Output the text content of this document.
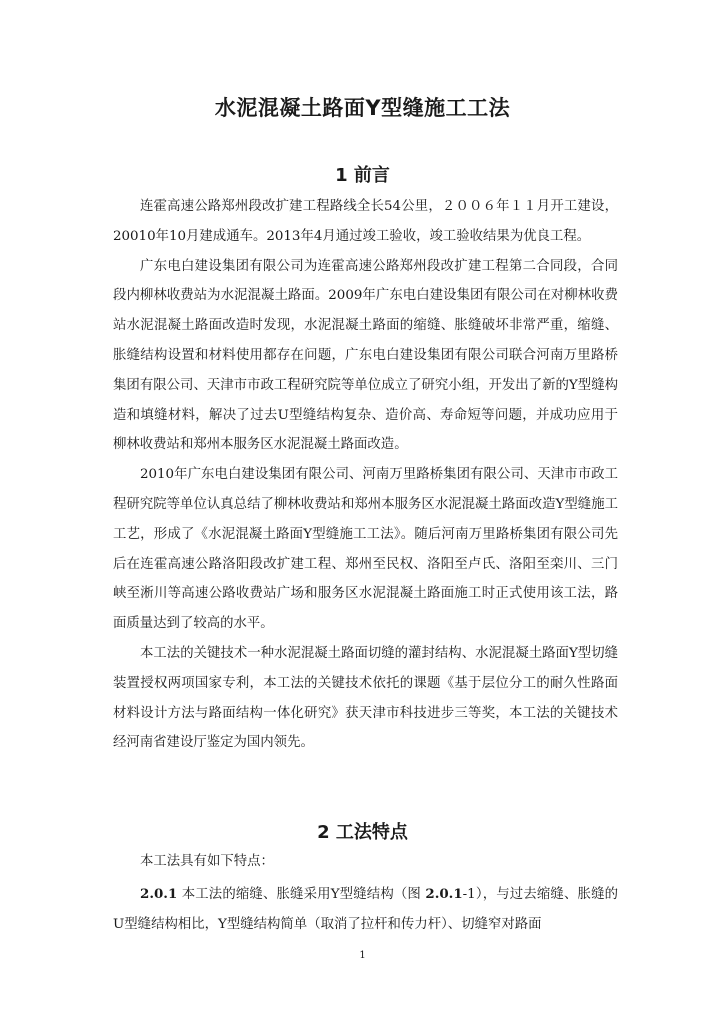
水泥混凝土路面Y型缝施工工法
1 前言

连霍高速公路郑州段改扩建工程路线全长54公里，２００６年１１月开工建设，20010年10月建成通车。2013年4月通过竣工验收，竣工验收结果为优良工程。

广东电白建设集团有限公司为连霍高速公路郑州段改扩建工程第二合同段，合同段内柳林收费站为水泥混凝土路面。2009年广东电白建设集团有限公司在对柳林收费站水泥混凝土路面改造时发现，水泥混凝土路面的缩缝、胀缝破坏非常严重，缩缝、胀缝结构设置和材料使用都存在问题，广东电白建设集团有限公司联合河南万里路桥集团有限公司、天津市市政工程研究院等单位成立了研究小组，开发出了新的Y型缝构造和填缝材料，解决了过去U型缝结构复杂、造价高、寿命短等问题，并成功应用于柳林收费站和郑州本服务区水泥混凝土路面改造。

2010年广东电白建设集团有限公司、河南万里路桥集团有限公司、天津市市政工程研究院等单位认真总结了柳林收费站和郑州本服务区水泥混凝土路面改造Y型缝施工工艺，形成了《水泥混凝土路面Y型缝施工工法》。随后河南万里路桥集团有限公司先后在连霍高速公路洛阳段改扩建工程、郑州至民权、洛阳至卢氏、洛阳至栾川、三门峡至淅川等高速公路收费站广场和服务区水泥混凝土路面施工时正式使用该工法，路面质量达到了较高的水平。

本工法的关键技术一种水泥混凝土路面切缝的灌封结构、水泥混凝土路面Y型切缝装置授权两项国家专利，本工法的关键技术依托的课题《基于层位分工的耐久性路面材料设计方法与路面结构一体化研究》获天津市科技进步三等奖，本工法的关键技术经河南省建设厅鉴定为国内领先。

2 工法特点
本工法具有如下特点：

2.0.1 本工法的缩缝、胀缝采用Y型缝结构（图 2.0.1-1），与过去缩缝、胀缝的U型缝结构相比，Y型缝结构简单（取消了拉杆和传力杆）、切缝窄对路面

1
